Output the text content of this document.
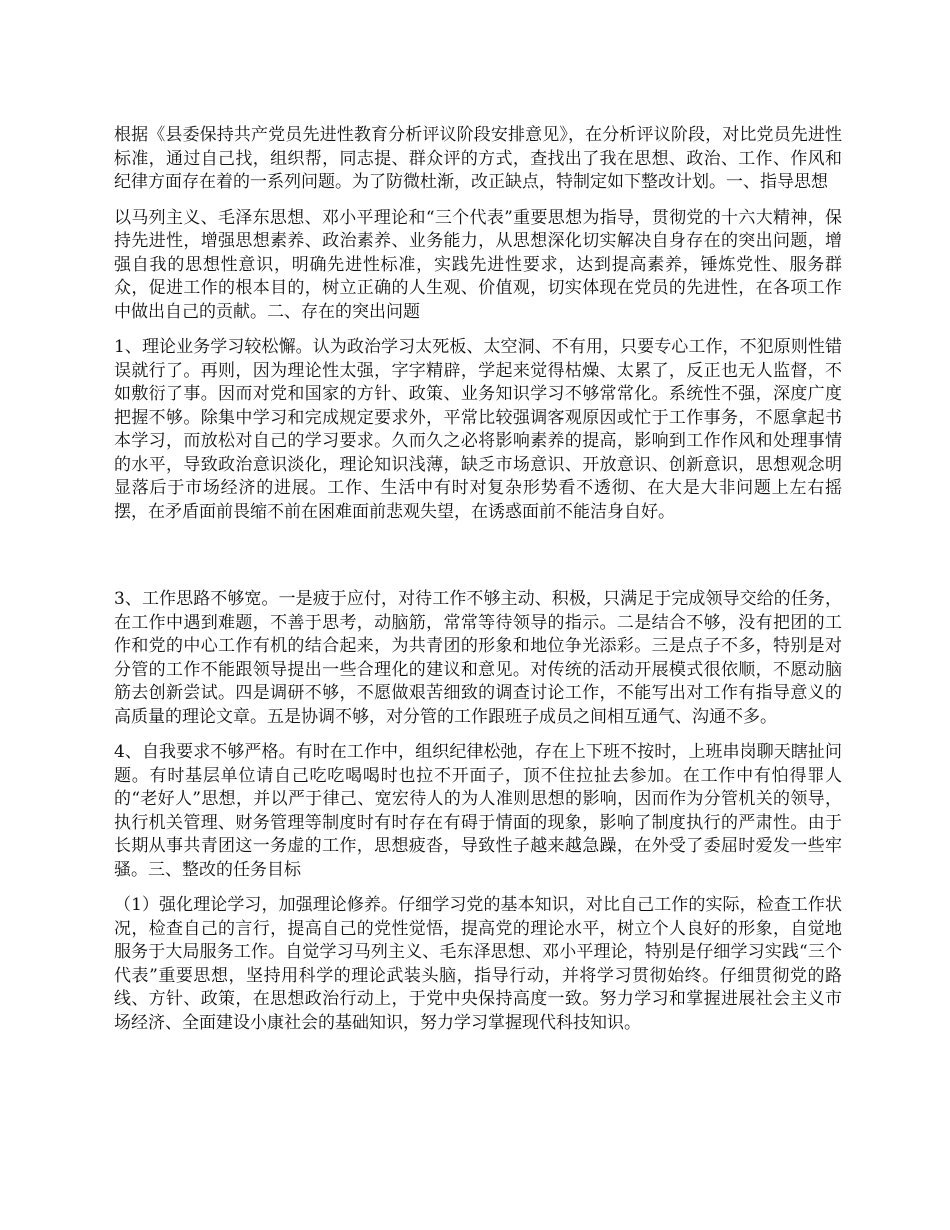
根据《县委保持共产党员先进性教育分析评议阶段安排意见》，在分析评议阶段，对比党员先进性标准，通过自己找，组织帮，同志提、群众评的方式，查找出了我在思想、政治、工作、作风和纪律方面存在着的一系列问题。为了防微杜渐，改正缺点，特制定如下整改计划。一、指导思想

以马列主义、毛泽东思想、邓小平理论和“三个代表”重要思想为指导，贯彻党的十六大精神，保持先进性，增强思想素养、政治素养、业务能力，从思想深化切实解决自身存在的突出问题，增强自我的思想性意识，明确先进性标准，实践先进性要求，达到提高素养，锤炼党性、服务群众，促进工作的根本目的，树立正确的人生观、价值观，切实体现在党员的先进性，在各项工作中做出自己的贡献。二、存在的突出问题

1、理论业务学习较松懈。认为政治学习太死板、太空洞、不有用，只要专心工作，不犯原则性错误就行了。再则，因为理论性太强，字字精辟，学起来觉得枯燥、太累了，反正也无人监督，不如敷衍了事。因而对党和国家的方针、政策、业务知识学习不够常常化。系统性不强，深度广度把握不够。除集中学习和完成规定要求外，平常比较强调客观原因或忙于工作事务，不愿拿起书本学习，而放松对自己的学习要求。久而久之必将影响素养的提高，影响到工作作风和处理事情的水平，导致政治意识淡化，理论知识浅薄，缺乏市场意识、开放意识、创新意识，思想观念明显落后于市场经济的进展。工作、生活中有时对复杂形势看不透彻、在大是大非问题上左右摇摆，在矛盾面前畏缩不前在困难面前悲观失望，在诱惑面前不能洁身自好。

3、工作思路不够宽。一是疲于应付，对待工作不够主动、积极，只满足于完成领导交给的任务，在工作中遇到难题，不善于思考，动脑筋，常常等待领导的指示。二是结合不够，没有把团的工作和党的中心工作有机的结合起来，为共青团的形象和地位争光添彩。三是点子不多，特别是对分管的工作不能跟领导提出一些合理化的建议和意见。对传统的活动开展模式很依顺，不愿动脑筋去创新尝试。四是调研不够，不愿做艰苦细致的调查讨论工作，不能写出对工作有指导意义的高质量的理论文章。五是协调不够，对分管的工作跟班子成员之间相互通气、沟通不多。

4、自我要求不够严格。有时在工作中，组织纪律松弛，存在上下班不按时，上班串岗聊天瞎扯问题。有时基层单位请自己吃吃喝喝时也拉不开面子，顶不住拉扯去参加。在工作中有怕得罪人的“老好人”思想，并以严于律己、宽宏待人的为人准则思想的影响，因而作为分管机关的领导，执行机关管理、财务管理等制度时有时存在有碍于情面的现象，影响了制度执行的严肃性。由于长期从事共青团这一务虚的工作，思想疲沓，导致性子越来越急躁，在外受了委屈时爱发一些牢骚。三、整改的任务目标

（1）强化理论学习，加强理论修养。仔细学习党的基本知识，对比自己工作的实际，检查工作状况，检查自己的言行，提高自己的党性觉悟，提高党的理论水平，树立个人良好的形象，自觉地服务于大局服务工作。自觉学习马列主义、毛东泽思想、邓小平理论，特别是仔细学习实践“三个代表”重要思想，坚持用科学的理论武装头脑，指导行动，并将学习贯彻始终。仔细贯彻党的路线、方针、政策，在思想政治行动上，于党中央保持高度一致。努力学习和掌握进展社会主义市场经济、全面建设小康社会的基础知识，努力学习掌握现代科技知识。
